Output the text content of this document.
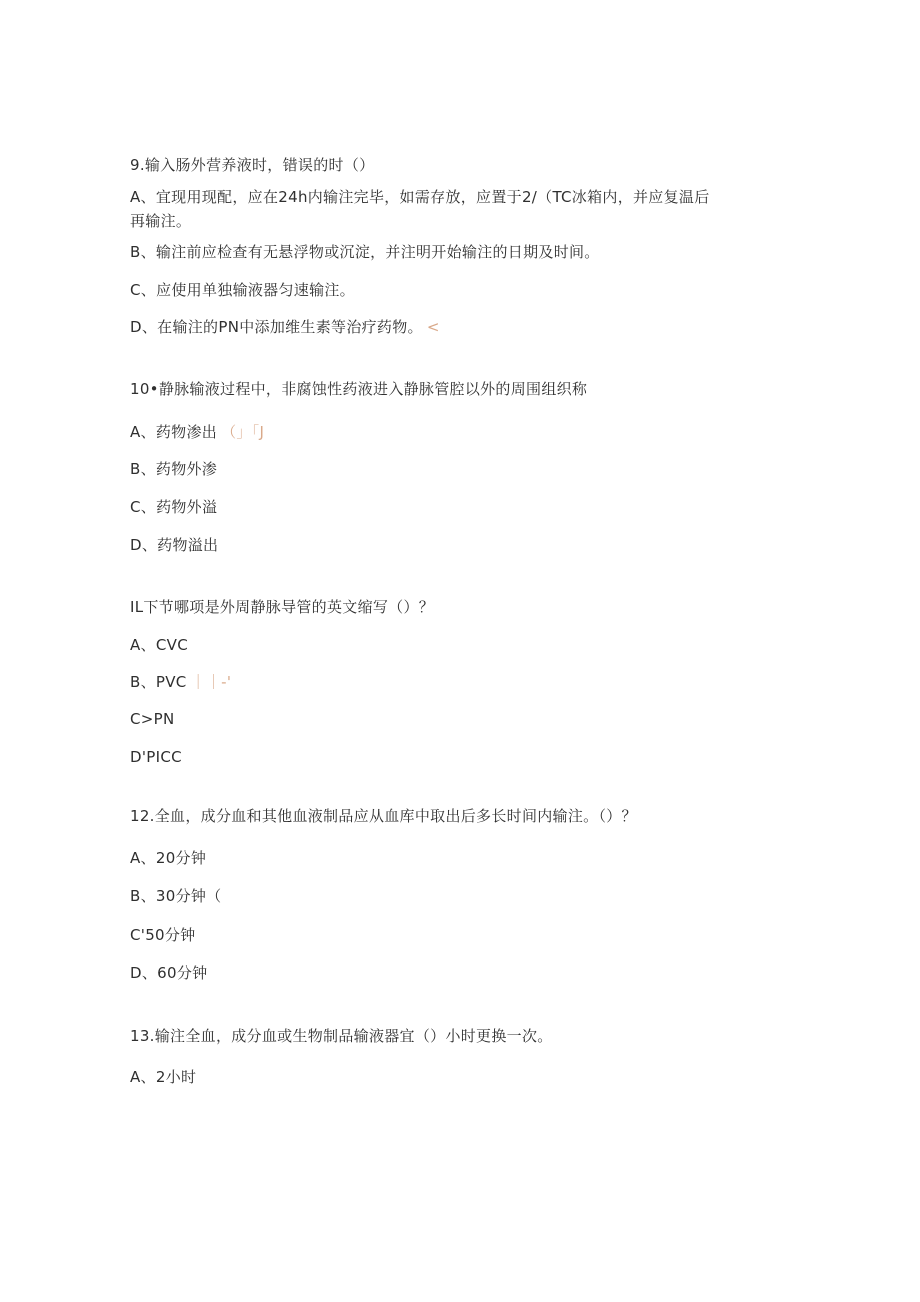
9.输入肠外营养液时，错误的时（）
A、宜现用现配，应在24h内输注完毕，如需存放，应置于2/（TC冰箱内，并应复温后
再输注。
B、输注前应检查有无悬浮物或沉淀，并注明开始输注的日期及时间。
C、应使用单独输液器匀速输注。
D、在输注的PN中添加维生素等治疗药物。 <
10•静脉输液过程中，非腐蚀性药液进入静脉管腔以外的周围组织称
A、药物渗出 （」「J
B、药物外渗
C、药物外溢
D、药物溢出
IL下节哪项是外周静脉导管的英文缩写（）？
A、CVC
B、PVC ｜｜-'
C>PN
D'PICC
12.全血，成分血和其他血液制品应从血库中取出后多长时间内输注。（）？
A、20分钟
B、30分钟（
C'50分钟
D、60分钟
13.输注全血，成分血或生物制品输液器宜（）小时更换一次。
A、2小时
